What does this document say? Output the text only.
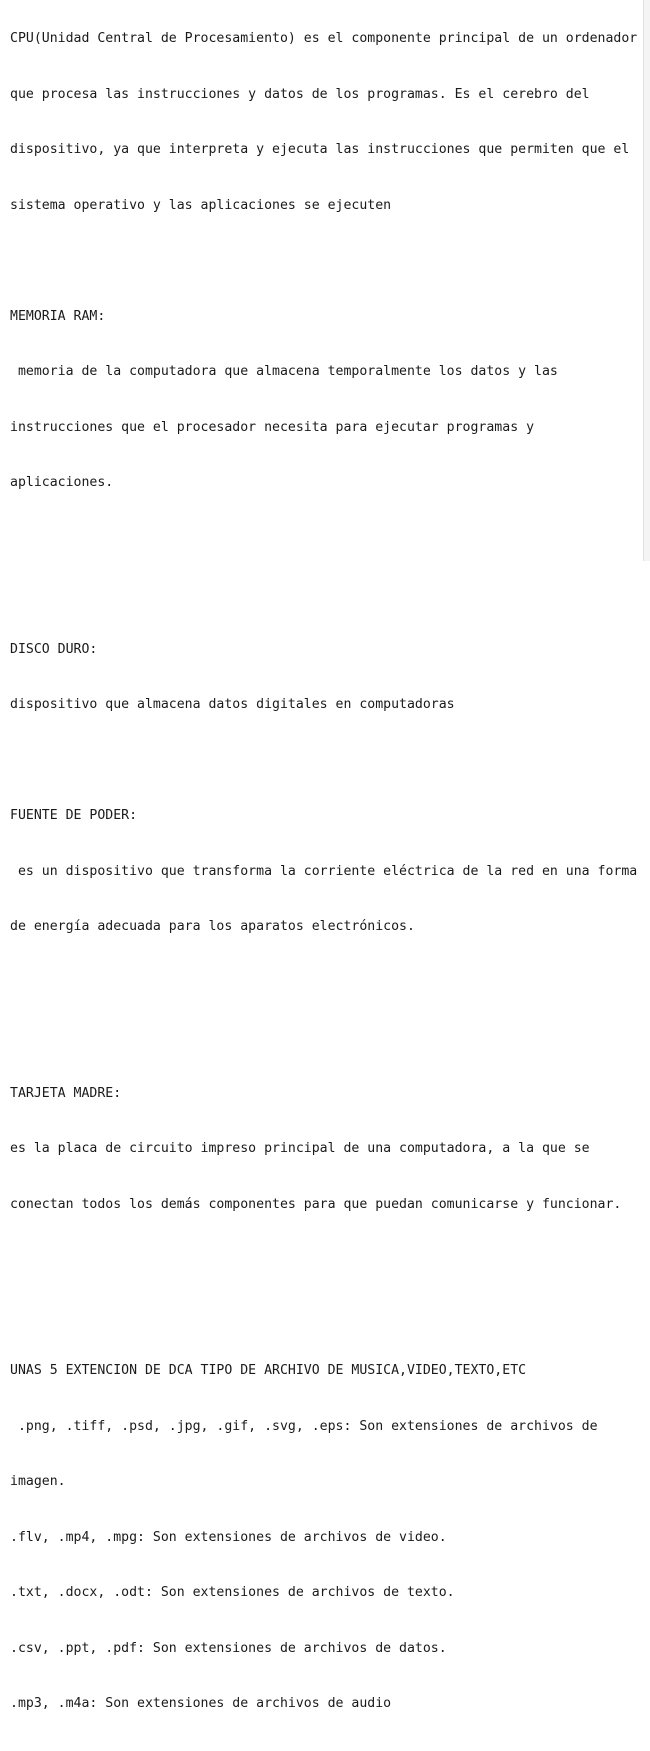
CPU(Unidad Central de Procesamiento) es el componente principal de un ordenador

que procesa las instrucciones y datos de los programas. Es el cerebro del

dispositivo, ya que interpreta y ejecuta las instrucciones que permiten que el

sistema operativo y las aplicaciones se ejecuten

MEMORIA RAM:

memoria de la computadora que almacena temporalmente los datos y las

instrucciones que el procesador necesita para ejecutar programas y

aplicaciones.

DISCO DURO:

dispositivo que almacena datos digitales en computadoras

FUENTE DE PODER:

es un dispositivo que transforma la corriente eléctrica de la red en una forma

de energía adecuada para los aparatos electrónicos.

TARJETA MADRE:

es la placa de circuito impreso principal de una computadora, a la que se

conectan todos los demás componentes para que puedan comunicarse y funcionar.

UNAS 5 EXTENCION DE DCA TIPO DE ARCHIVO DE MUSICA,VIDEO,TEXTO,ETC

.png, .tiff, .psd, .jpg, .gif, .svg, .eps: Son extensiones de archivos de

imagen.

.flv, .mp4, .mpg: Son extensiones de archivos de video.

.txt, .docx, .odt: Son extensiones de archivos de texto.

.csv, .ppt, .pdf: Son extensiones de archivos de datos.

.mp3, .m4a: Son extensiones de archivos de audio
